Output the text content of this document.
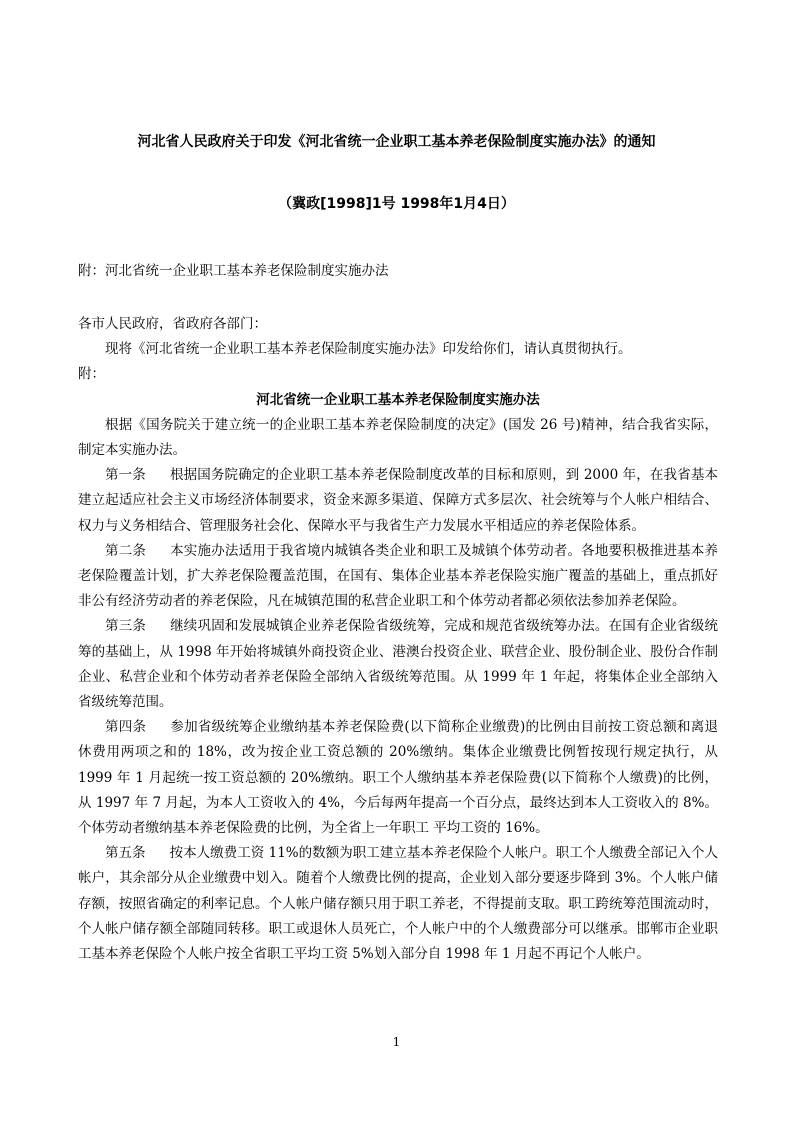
河北省人民政府关于印发《河北省统一企业职工基本养老保险制度实施办法》的通知
（冀政[1998]1号 1998年1月4日）
附：河北省统一企业职工基本养老保险制度实施办法

各市人民政府，省政府各部门：

现将《河北省统一企业职工基本养老保险制度实施办法》印发给你们，请认真贯彻执行。

附：

河北省统一企业职工基本养老保险制度实施办法

根据《国务院关于建立统一的企业职工基本养老保险制度的决定》(国发 26 号)精神，结合我省实际，制定本实施办法。

第一条 根据国务院确定的企业职工基本养老保险制度改革的目标和原则，到 2000 年，在我省基本建立起适应社会主义市场经济体制要求，资金来源多渠道、保障方式多层次、社会统筹与个人帐户相结合、权力与义务相结合、管理服务社会化、保障水平与我省生产力发展水平相适应的养老保险体系。

第二条 本实施办法适用于我省境内城镇各类企业和职工及城镇个体劳动者。各地要积极推进基本养老保险覆盖计划，扩大养老保险覆盖范围，在国有、集体企业基本养老保险实施广覆盖的基础上，重点抓好非公有经济劳动者的养老保险，凡在城镇范围的私营企业职工和个体劳动者都必须依法参加养老保险。

第三条 继续巩固和发展城镇企业养老保险省级统筹，完成和规范省级统筹办法。在国有企业省级统筹的基础上，从 1998 年开始将城镇外商投资企业、港澳台投资企业、联营企业、股份制企业、股份合作制企业、私营企业和个体劳动者养老保险全部纳入省级统筹范围。从 1999 年 1 年起，将集体企业全部纳入省级统筹范围。

第四条 参加省级统筹企业缴纳基本养老保险费(以下简称企业缴费)的比例由目前按工资总额和离退休费用两项之和的 18%，改为按企业工资总额的 20%缴纳。集体企业缴费比例暂按现行规定执行，从 1999 年 1 月起统一按工资总额的 20%缴纳。职工个人缴纳基本养老保险费(以下简称个人缴费)的比例，从 1997 年 7 月起，为本人工资收入的 4%，今后每两年提高一个百分点，最终达到本人工资收入的 8%。个体劳动者缴纳基本养老保险费的比例，为全省上一年职工 平均工资的 16%。

第五条 按本人缴费工资 11%的数额为职工建立基本养老保险个人帐户。职工个人缴费全部记入个人帐户，其余部分从企业缴费中划入。随着个人缴费比例的提高，企业划入部分要逐步降到 3%。个人帐户储存额，按照省确定的利率记息。个人帐户储存额只用于职工养老，不得提前支取。职工跨统筹范围流动时，个人帐户储存额全部随同转移。职工或退休人员死亡，个人帐户中的个人缴费部分可以继承。邯郸市企业职工基本养老保险个人帐户按全省职工平均工资 5%划入部分自 1998 年 1 月起不再记个人帐户。

1
